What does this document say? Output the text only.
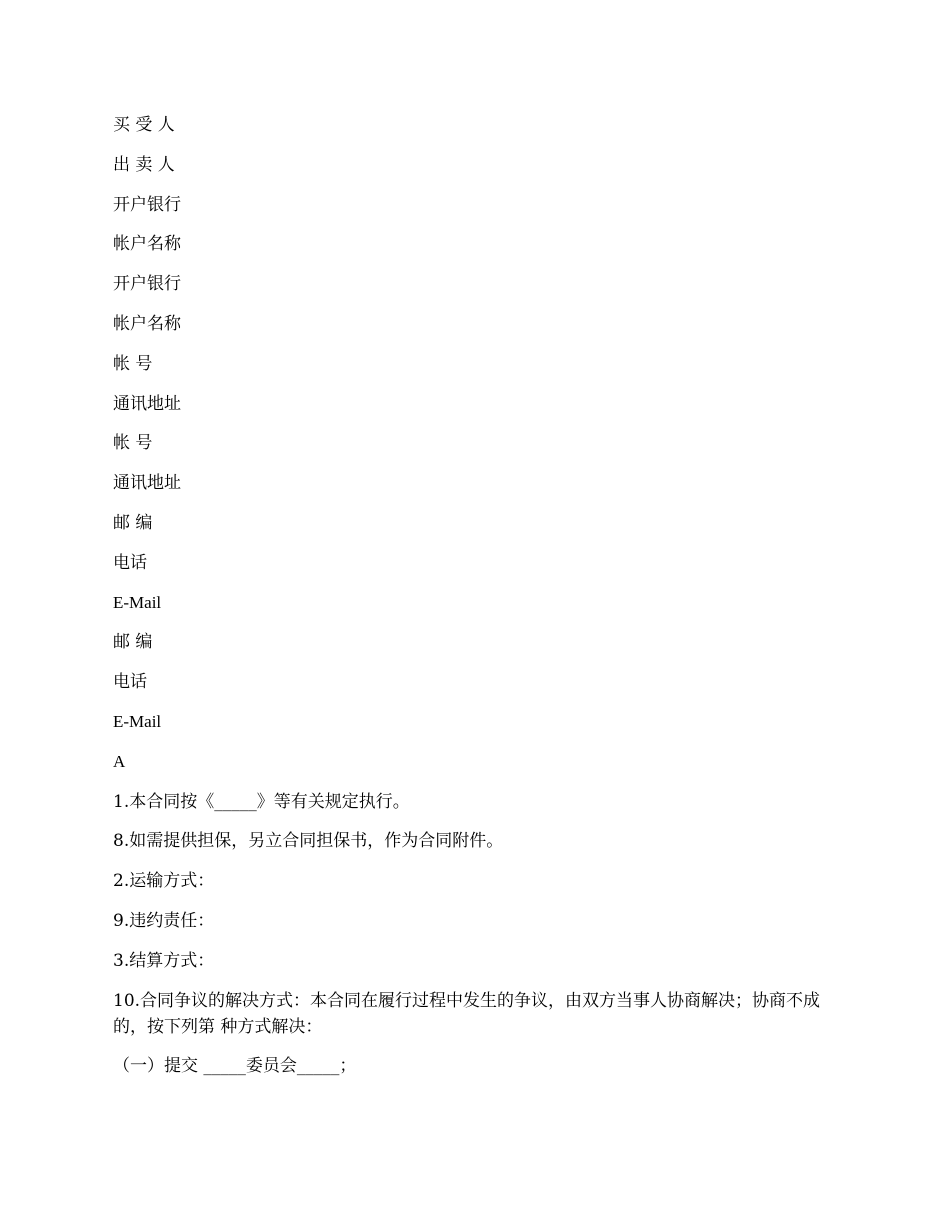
买 受 人
出 卖 人
开户银行
帐户名称
开户银行
帐户名称
帐 号
通讯地址
帐 号
通讯地址
邮 编
电话
E-Mail
邮 编
电话
E-Mail
A
1.本合同按《_____》等有关规定执行。
8.如需提供担保，另立合同担保书，作为合同附件。
2.运输方式：
9.违约责任：
3.结算方式：
10.合同争议的解决方式：本合同在履行过程中发生的争议，由双方当事人协商解决；协商不成的，按下列第 种方式解决：
（一）提交 _____委员会_____；
